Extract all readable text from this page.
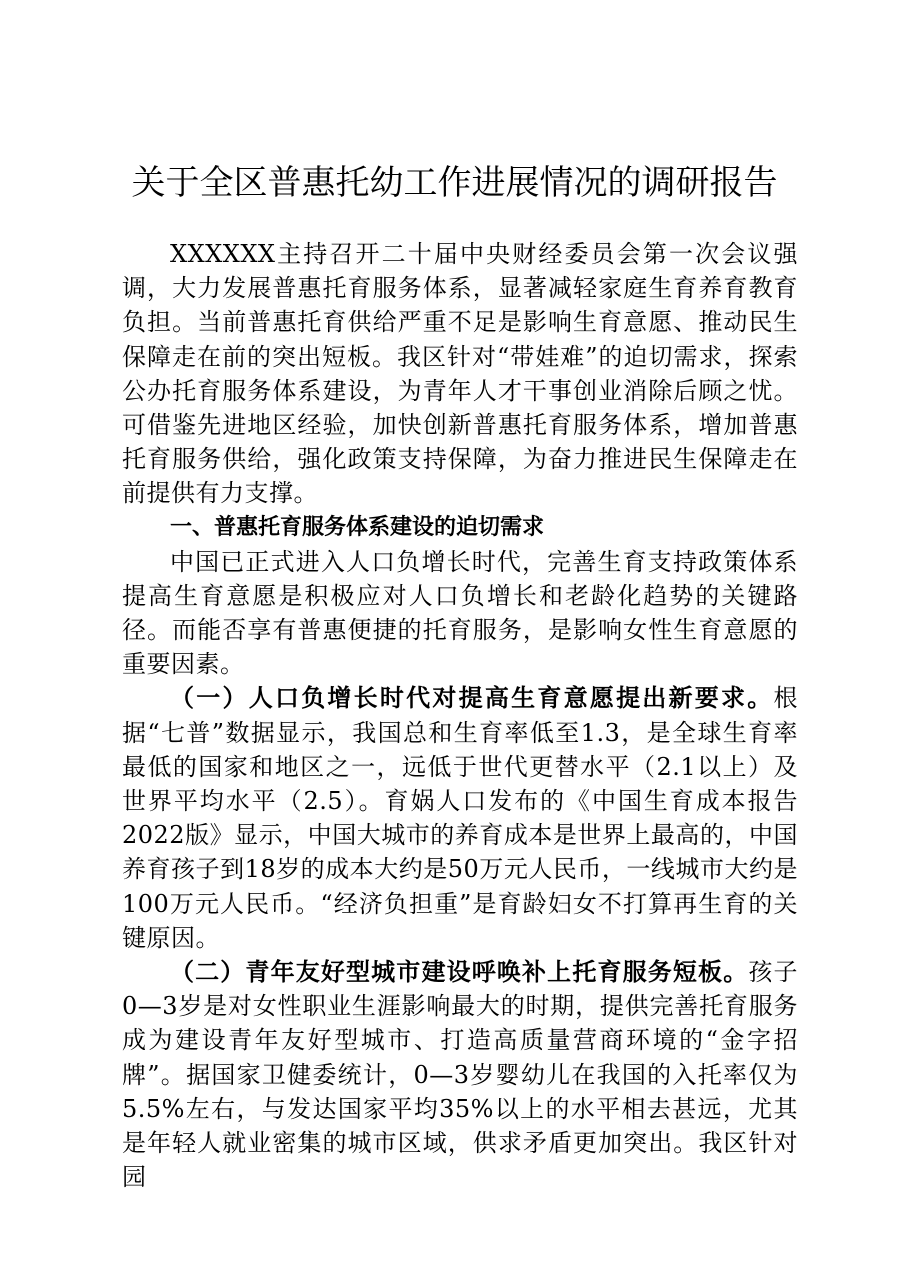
关于全区普惠托幼工作进展情况的调研报告

XXXXXX主持召开二十届中央财经委员会第一次会议强调，大力发展普惠托育服务体系，显著减轻家庭生育养育教育负担。当前普惠托育供给严重不足是影响生育意愿、推动民生保障走在前的突出短板。我区针对“带娃难”的迫切需求，探索公办托育服务体系建设，为青年人才干事创业消除后顾之忧。可借鉴先进地区经验，加快创新普惠托育服务体系，增加普惠托育服务供给，强化政策支持保障，为奋力推进民生保障走在前提供有力支撑。

一、普惠托育服务体系建设的迫切需求

中国已正式进入人口负增长时代，完善生育支持政策体系提高生育意愿是积极应对人口负增长和老龄化趋势的关键路径。而能否享有普惠便捷的托育服务，是影响女性生育意愿的重要因素。

（一）人口负增长时代对提高生育意愿提出新要求。根据“七普”数据显示，我国总和生育率低至1.3，是全球生育率最低的国家和地区之一，远低于世代更替水平（2.1以上）及世界平均水平（2.5）。育娲人口发布的《中国生育成本报告2022版》显示，中国大城市的养育成本是世界上最高的，中国养育孩子到18岁的成本大约是50万元人民币，一线城市大约是100万元人民币。“经济负担重”是育龄妇女不打算再生育的关键原因。

（二）青年友好型城市建设呼唤补上托育服务短板。孩子0—3岁是对女性职业生涯影响最大的时期，提供完善托育服务成为建设青年友好型城市、打造高质量营商环境的“金字招牌”。据国家卫健委统计，0—3岁婴幼儿在我国的入托率仅为5.5%左右，与发达国家平均35%以上的水平相去甚远，尤其是年轻人就业密集的城市区域，供求矛盾更加突出。我区针对园
